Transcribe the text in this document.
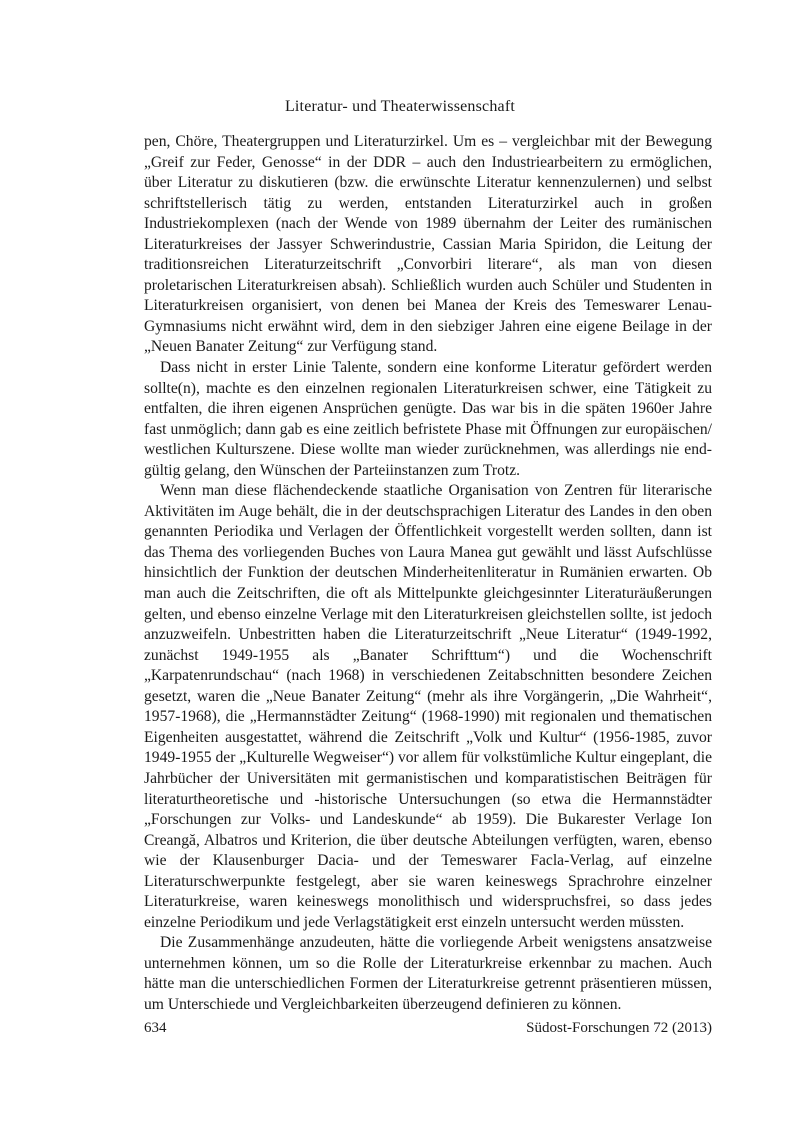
Literatur- und Theaterwissenschaft

pen, Chöre, Theatergruppen und Literaturzirkel. Um es – vergleichbar mit der Bewegung „Greif zur Feder, Genosse“ in der DDR – auch den Industriearbeitern zu ermöglichen, über Literatur zu diskutieren (bzw. die erwünschte Literatur kennenzulernen) und selbst schriftstellerisch tätig zu werden, entstanden Literaturzirkel auch in großen Industriekomplexen (nach der Wende von 1989 übernahm der Leiter des rumänischen Literaturkreises der Jassyer Schwerindustrie, Cassian Maria Spiridon, die Leitung der traditionsreichen Literaturzeitschrift „Convorbiri literare“, als man von diesen proletarischen Literaturkreisen absah). Schließlich wurden auch Schüler und Studenten in Literaturkreisen organisiert, von denen bei Manea der Kreis des Temeswarer Lenau-Gymnasiums nicht erwähnt wird, dem in den siebziger Jahren eine eigene Beilage in der „Neuen Banater Zeitung“ zur Verfügung stand.

Dass nicht in erster Linie Talente, sondern eine konforme Literatur gefördert werden sollte(n), machte es den einzelnen regionalen Literaturkreisen schwer, eine Tätigkeit zu entfalten, die ihren eigenen Ansprüchen genügte. Das war bis in die späten 1960er Jahre fast unmöglich; dann gab es eine zeitlich befristete Phase mit Öffnungen zur europäischen/ westlichen Kulturszene. Diese wollte man wieder zurücknehmen, was allerdings nie endgültig gelang, den Wünschen der Parteiinstanzen zum Trotz.

Wenn man diese flächendeckende staatliche Organisation von Zentren für literarische Aktivitäten im Auge behält, die in der deutschsprachigen Literatur des Landes in den oben genannten Periodika und Verlagen der Öffentlichkeit vorgestellt werden sollten, dann ist das Thema des vorliegenden Buches von Laura Manea gut gewählt und lässt Aufschlüsse hinsichtlich der Funktion der deutschen Minderheitenliteratur in Rumänien erwarten. Ob man auch die Zeitschriften, die oft als Mittelpunkte gleichgesinnter Literaturäußerungen gelten, und ebenso einzelne Verlage mit den Literaturkreisen gleichstellen sollte, ist jedoch anzuzweifeln. Unbestritten haben die Literaturzeitschrift „Neue Literatur“ (1949-1992, zunächst 1949-1955 als „Banater Schrifttum“) und die Wochenschrift „Karpatenrundschau“ (nach 1968) in verschiedenen Zeitabschnitten besondere Zeichen gesetzt, waren die „Neue Banater Zeitung“ (mehr als ihre Vorgängerin, „Die Wahrheit“, 1957-1968), die „Hermannstädter Zeitung“ (1968-1990) mit regionalen und thematischen Eigenheiten ausgestattet, während die Zeitschrift „Volk und Kultur“ (1956-1985, zuvor 1949-1955 der „Kulturelle Wegweiser“) vor allem für volkstümliche Kultur eingeplant, die Jahrbücher der Universitäten mit germanistischen und komparatistischen Beiträgen für literaturtheoretische und -historische Untersuchungen (so etwa die Hermannstädter „Forschungen zur Volks- und Landeskunde“ ab 1959). Die Bukarester Verlage Ion Creangă, Albatros und Kriterion, die über deutsche Abteilungen verfügten, waren, ebenso wie der Klausenburger Dacia- und der Temeswarer Facla-Verlag, auf einzelne Literaturschwerpunkte festgelegt, aber sie waren keineswegs Sprachrohre einzelner Literaturkreise, waren keineswegs monolithisch und widerspruchsfrei, so dass jedes einzelne Periodikum und jede Verlagstätigkeit erst einzeln untersucht werden müssten.

Die Zusammenhänge anzudeuten, hätte die vorliegende Arbeit wenigstens ansatzweise unternehmen können, um so die Rolle der Literaturkreise erkennbar zu machen. Auch hätte man die unterschiedlichen Formen der Literaturkreise getrennt präsentieren müssen, um Unterschiede und Vergleichbarkeiten überzeugend definieren zu können.

634	Südost-Forschungen 72 (2013)
